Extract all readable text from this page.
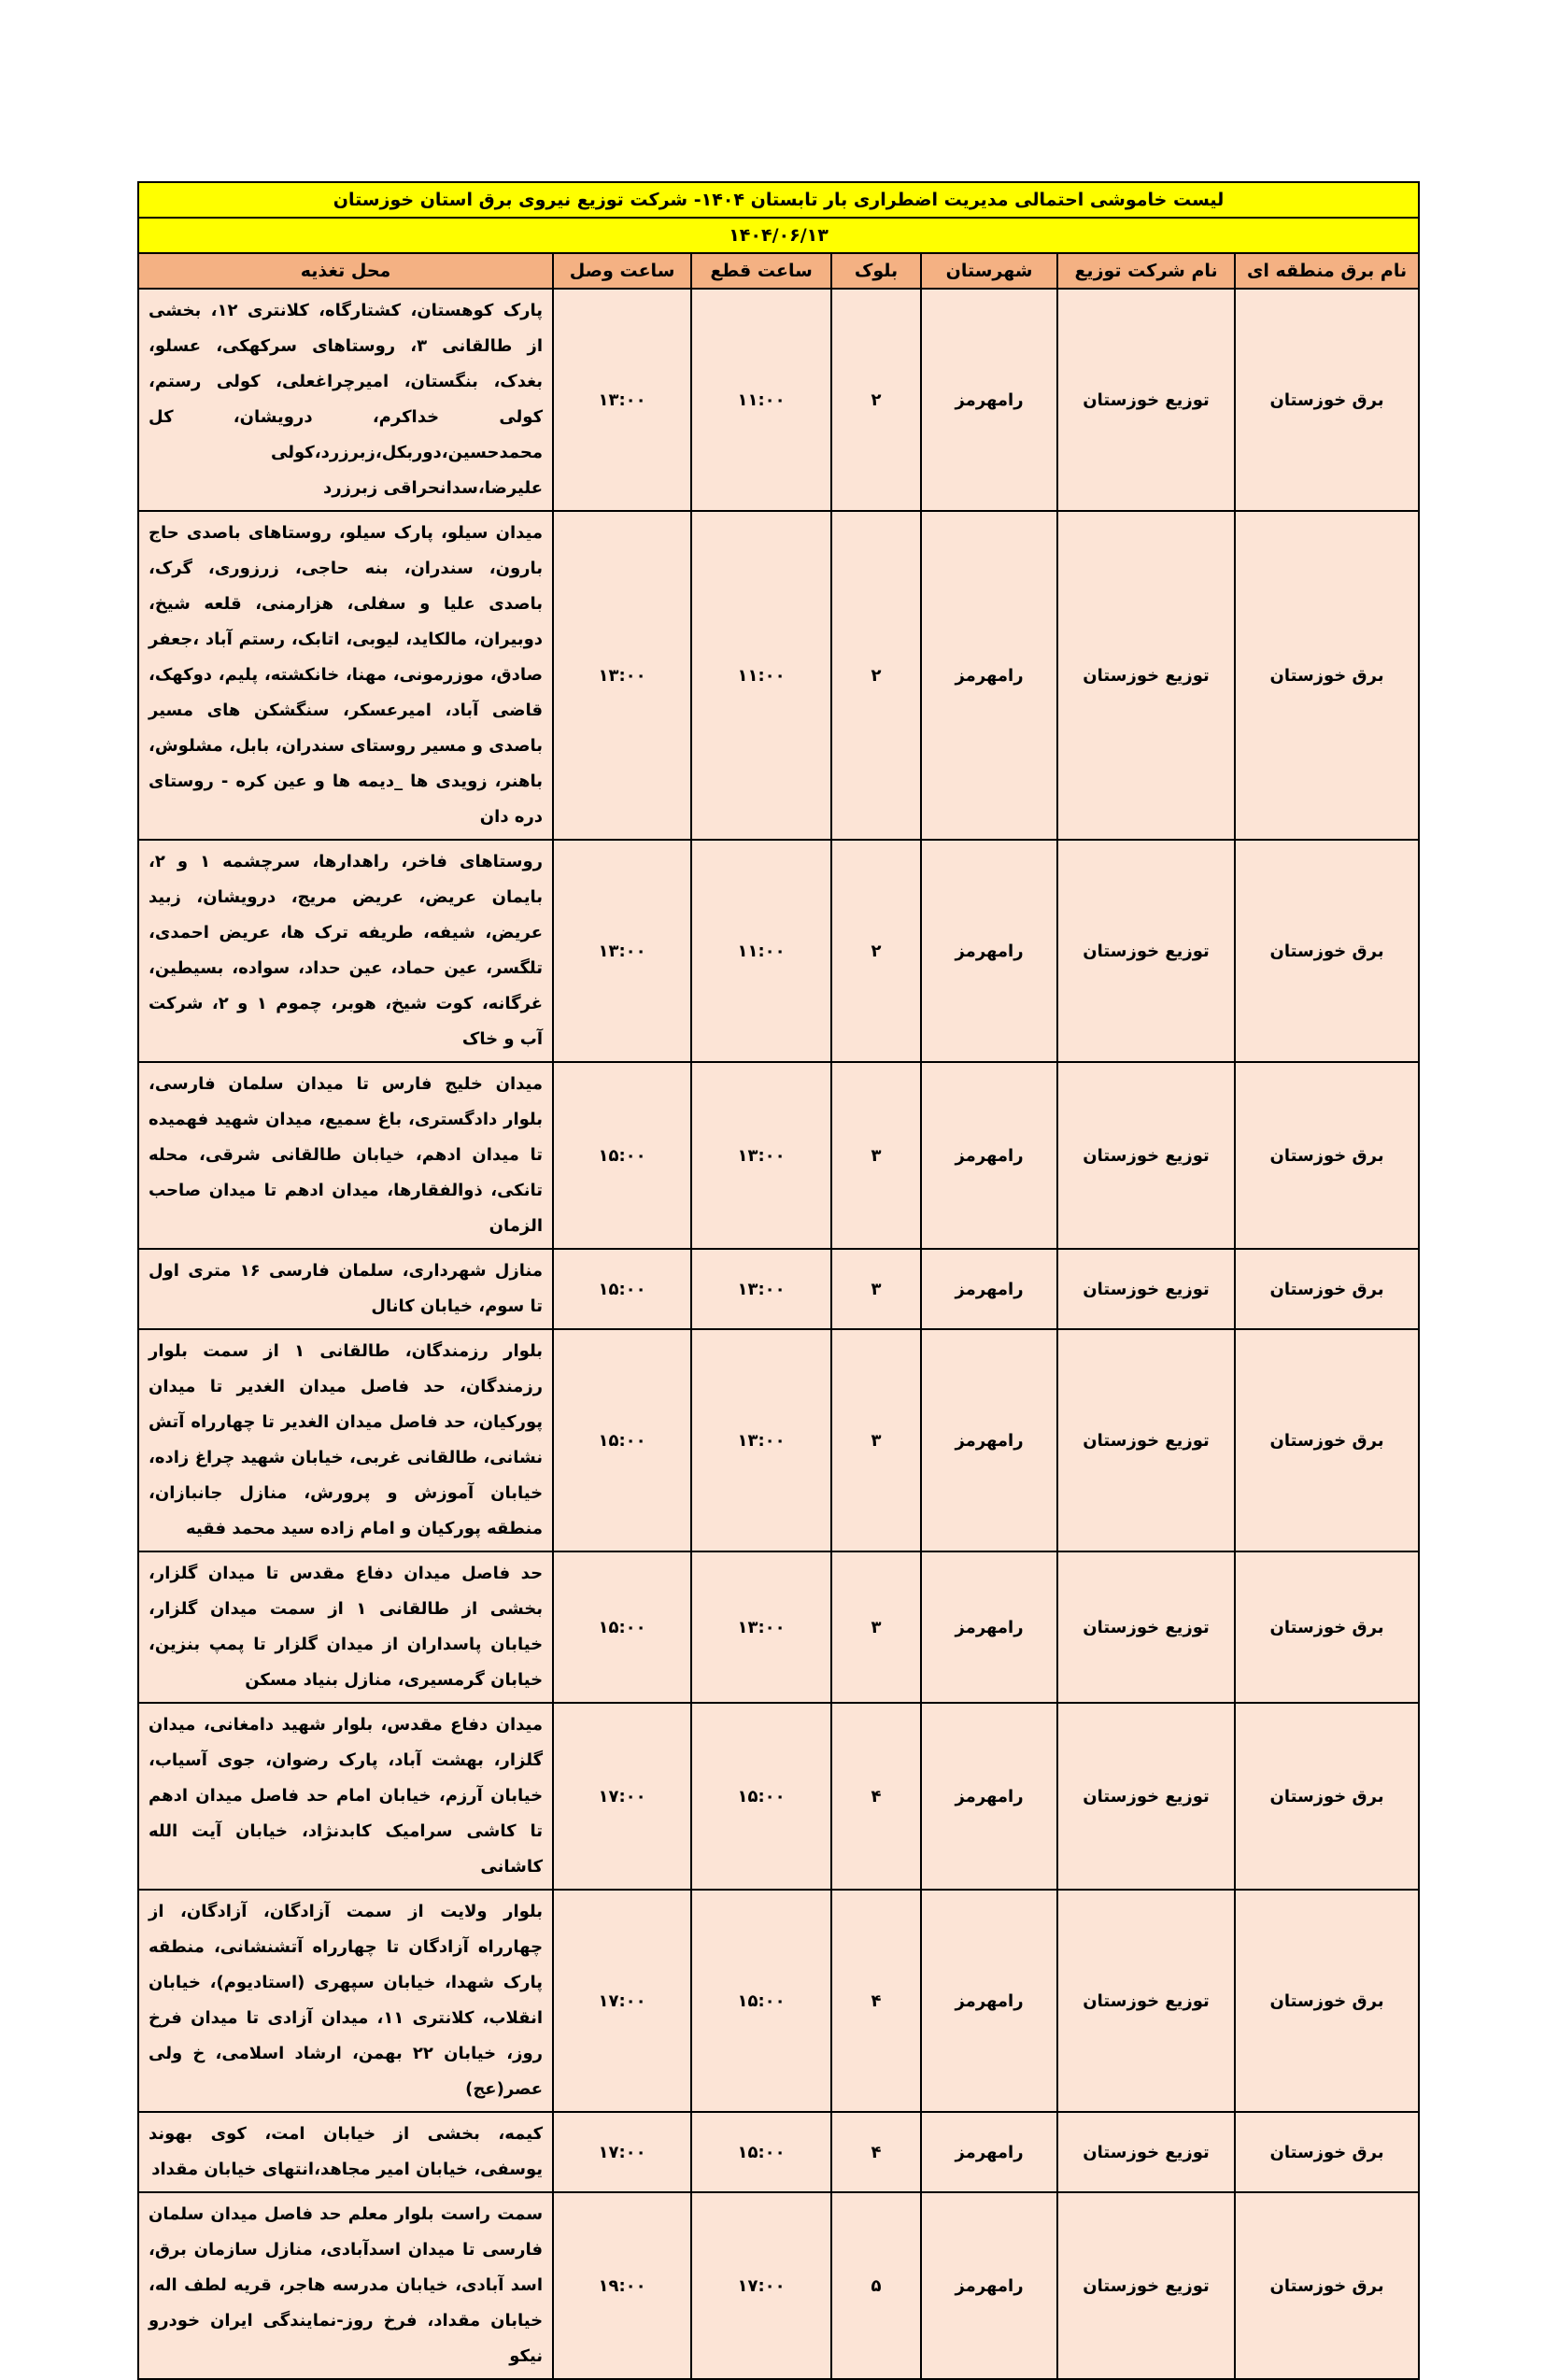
لیست خاموشی احتمالی مدیریت اضطراری بار تابستان ۱۴۰۴- شرکت توزیع نیروی برق استان خوزستان						
۱۴۰۴/۰۶/۱۳						
نام برق منطقه ای	نام شرکت توزیع	شهرستان	بلوک	ساعت قطع	ساعت وصل	محل تغذیه
برق خوزستان	توزیع خوزستان	رامهرمز	۲	۱۱:۰۰	۱۳:۰۰	پارک کوهستان، کشتارگاه، کلانتری ۱۲، بخشی از طالقانی ۳، روستاهای سرکهکی، عسلو، بغدک، بنگستان، امیرچراغعلی، کولی رستم، کولی خداکرم، درویشان، کل محمدحسین،دوربکل،زبرزرد،کولی علیرضا،سدانحراقی زبرزرد
برق خوزستان	توزیع خوزستان	رامهرمز	۲	۱۱:۰۰	۱۳:۰۰	میدان سیلو، پارک سیلو، روستاهای باصدی حاج بارون، سندران، بنه حاجی، زرزوری، گرک، باصدی علیا و سفلی، هزارمنی، قلعه شیخ، دوبیران، مالکاید، لیوبی، اتابک، رستم آباد ،جعفر صادق، موزرمونی، مهنا، خانکشته، پلیم، دوکهک، قاضی آباد، امیرعسکر، سنگشکن های مسیر باصدی و مسیر روستای سندران، بابل، مشلوش، باهنر، زویدی ها _دیمه ها و عین کره - روستای دره دان
برق خوزستان	توزیع خوزستان	رامهرمز	۲	۱۱:۰۰	۱۳:۰۰	روستاهای فاخر، راهدارها، سرچشمه ۱ و ۲، بایمان عریض، عریض مریج، درویشان، زبید عریض، شیفه، طریفه ترک ها، عریض احمدی، تلگسر، عین حماد، عین حداد، سواده، بسیطین، غرگانه، کوت شیخ، هوبر، چموم ۱ و ۲، شرکت آب و خاک
برق خوزستان	توزیع خوزستان	رامهرمز	۳	۱۳:۰۰	۱۵:۰۰	میدان خلیج فارس تا میدان سلمان فارسی، بلوار دادگستری، باغ سمیع، میدان شهید فهمیده تا میدان ادهم، خیابان طالقانی شرقی، محله تانکی، ذوالفقارها، میدان ادهم تا میدان صاحب الزمان
برق خوزستان	توزیع خوزستان	رامهرمز	۳	۱۳:۰۰	۱۵:۰۰	منازل شهرداری، سلمان فارسی ۱۶ متری اول تا سوم، خیابان کانال
برق خوزستان	توزیع خوزستان	رامهرمز	۳	۱۳:۰۰	۱۵:۰۰	بلوار رزمندگان، طالقانی ۱ از سمت بلوار رزمندگان، حد فاصل میدان الغدیر تا میدان پورکیان، حد فاصل میدان الغدیر تا چهارراه آتش نشانی، طالقانی غربی، خیابان شهید چراغ زاده، خیابان آموزش و پرورش، منازل جانبازان، منطقه پورکیان و امام زاده سید محمد فقیه
برق خوزستان	توزیع خوزستان	رامهرمز	۳	۱۳:۰۰	۱۵:۰۰	حد فاصل میدان دفاع مقدس تا میدان گلزار، بخشی از طالقانی ۱ از سمت میدان گلزار، خیابان پاسداران از میدان گلزار تا پمپ بنزین، خیابان گرمسیری، منازل بنیاد مسکن
برق خوزستان	توزیع خوزستان	رامهرمز	۴	۱۵:۰۰	۱۷:۰۰	میدان دفاع مقدس، بلوار شهید دامغانی، میدان گلزار، بهشت آباد، پارک رضوان، جوی آسیاب، خیابان آرزم، خیابان امام حد فاصل میدان ادهم تا کاشی سرامیک کابدنژاد، خیابان آیت الله کاشانی
برق خوزستان	توزیع خوزستان	رامهرمز	۴	۱۵:۰۰	۱۷:۰۰	بلوار ولایت از سمت آزادگان، آزادگان، از چهارراه آزادگان تا چهارراه آتشنشانی، منطقه پارک شهدا، خیابان سپهری (استادیوم)، خیابان انقلاب، کلانتری ۱۱، میدان آزادی تا میدان فرخ روز، خیابان ۲۲ بهمن، ارشاد اسلامی، خ ولی عصر(عج)
برق خوزستان	توزیع خوزستان	رامهرمز	۴	۱۵:۰۰	۱۷:۰۰	کیمه، بخشی از خیابان امت، کوی بهوند یوسفی، خیابان امیر مجاهد،انتهای خیابان مقداد
برق خوزستان	توزیع خوزستان	رامهرمز	۵	۱۷:۰۰	۱۹:۰۰	سمت راست بلوار معلم حد فاصل میدان سلمان فارسی تا میدان اسدآبادی، منازل سازمان برق، اسد آبادی، خیابان مدرسه هاجر، قریه لطف اله، خیابان مقداد، فرخ روز-نمایندگی ایران خودرو نیکو
